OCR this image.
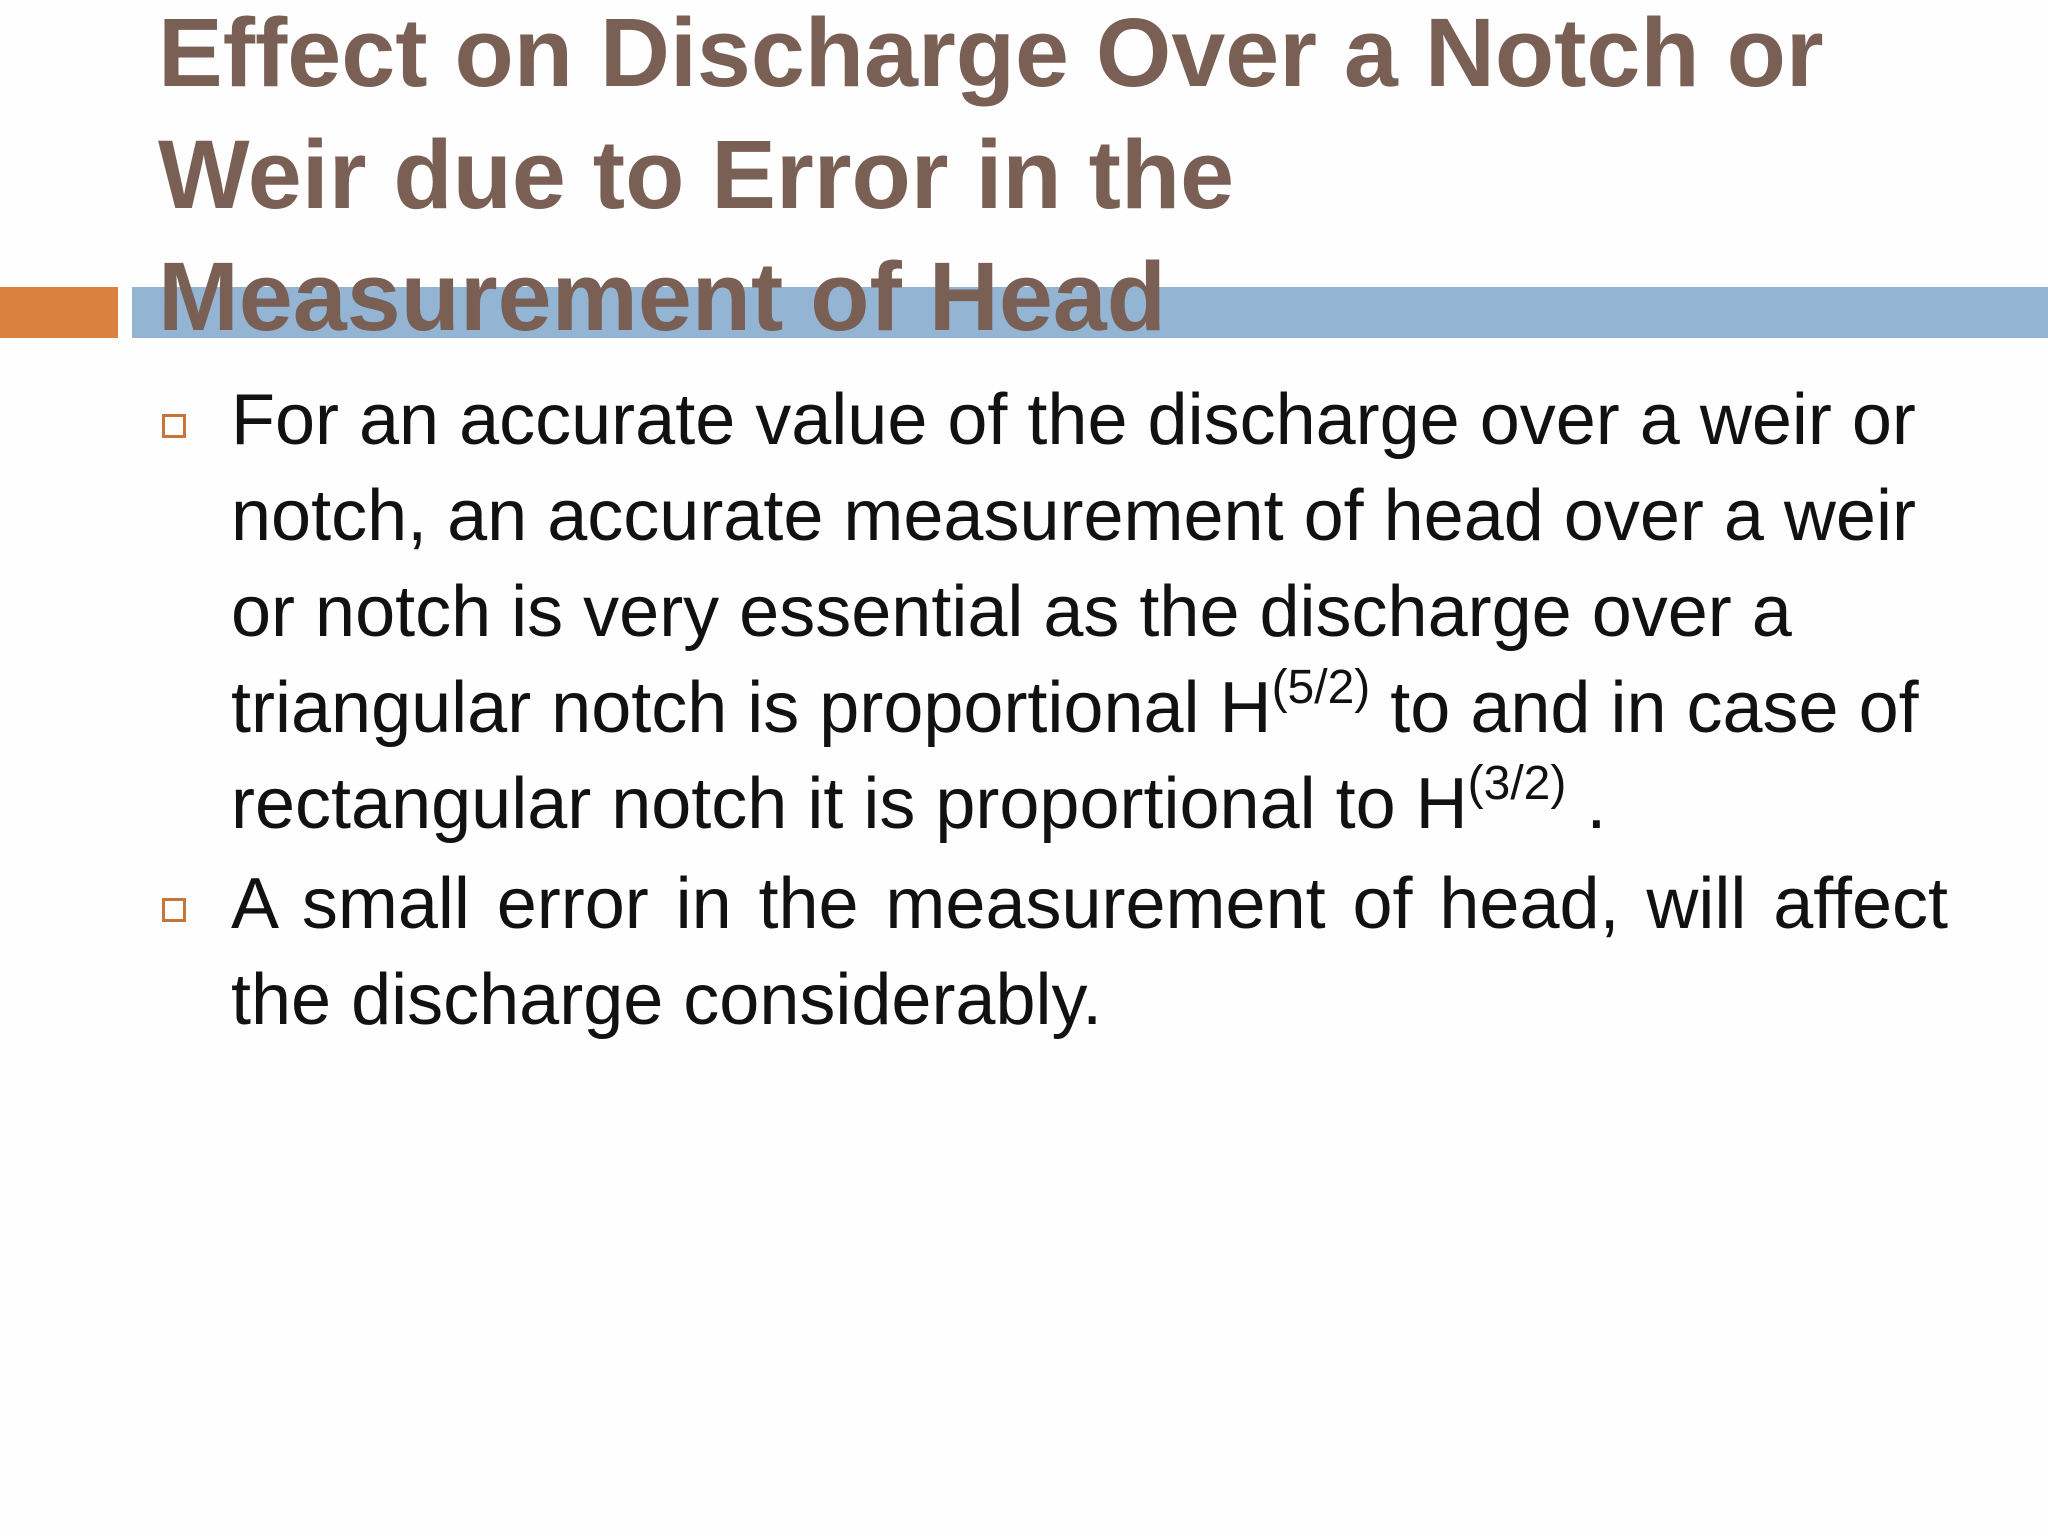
Effect on Discharge Over a Notch or
Weir due to Error in the
Measurement of Head
For an accurate value of the discharge over a weir or notch, an accurate measurement of head over a weir or notch is very essential as the discharge over a triangular notch is proportional $H^{(5/2)}$ to and in case of rectangular notch it is proportional to $H^{(3/2)}$ .
A small error in the measurement of head, will affect the discharge considerably.
